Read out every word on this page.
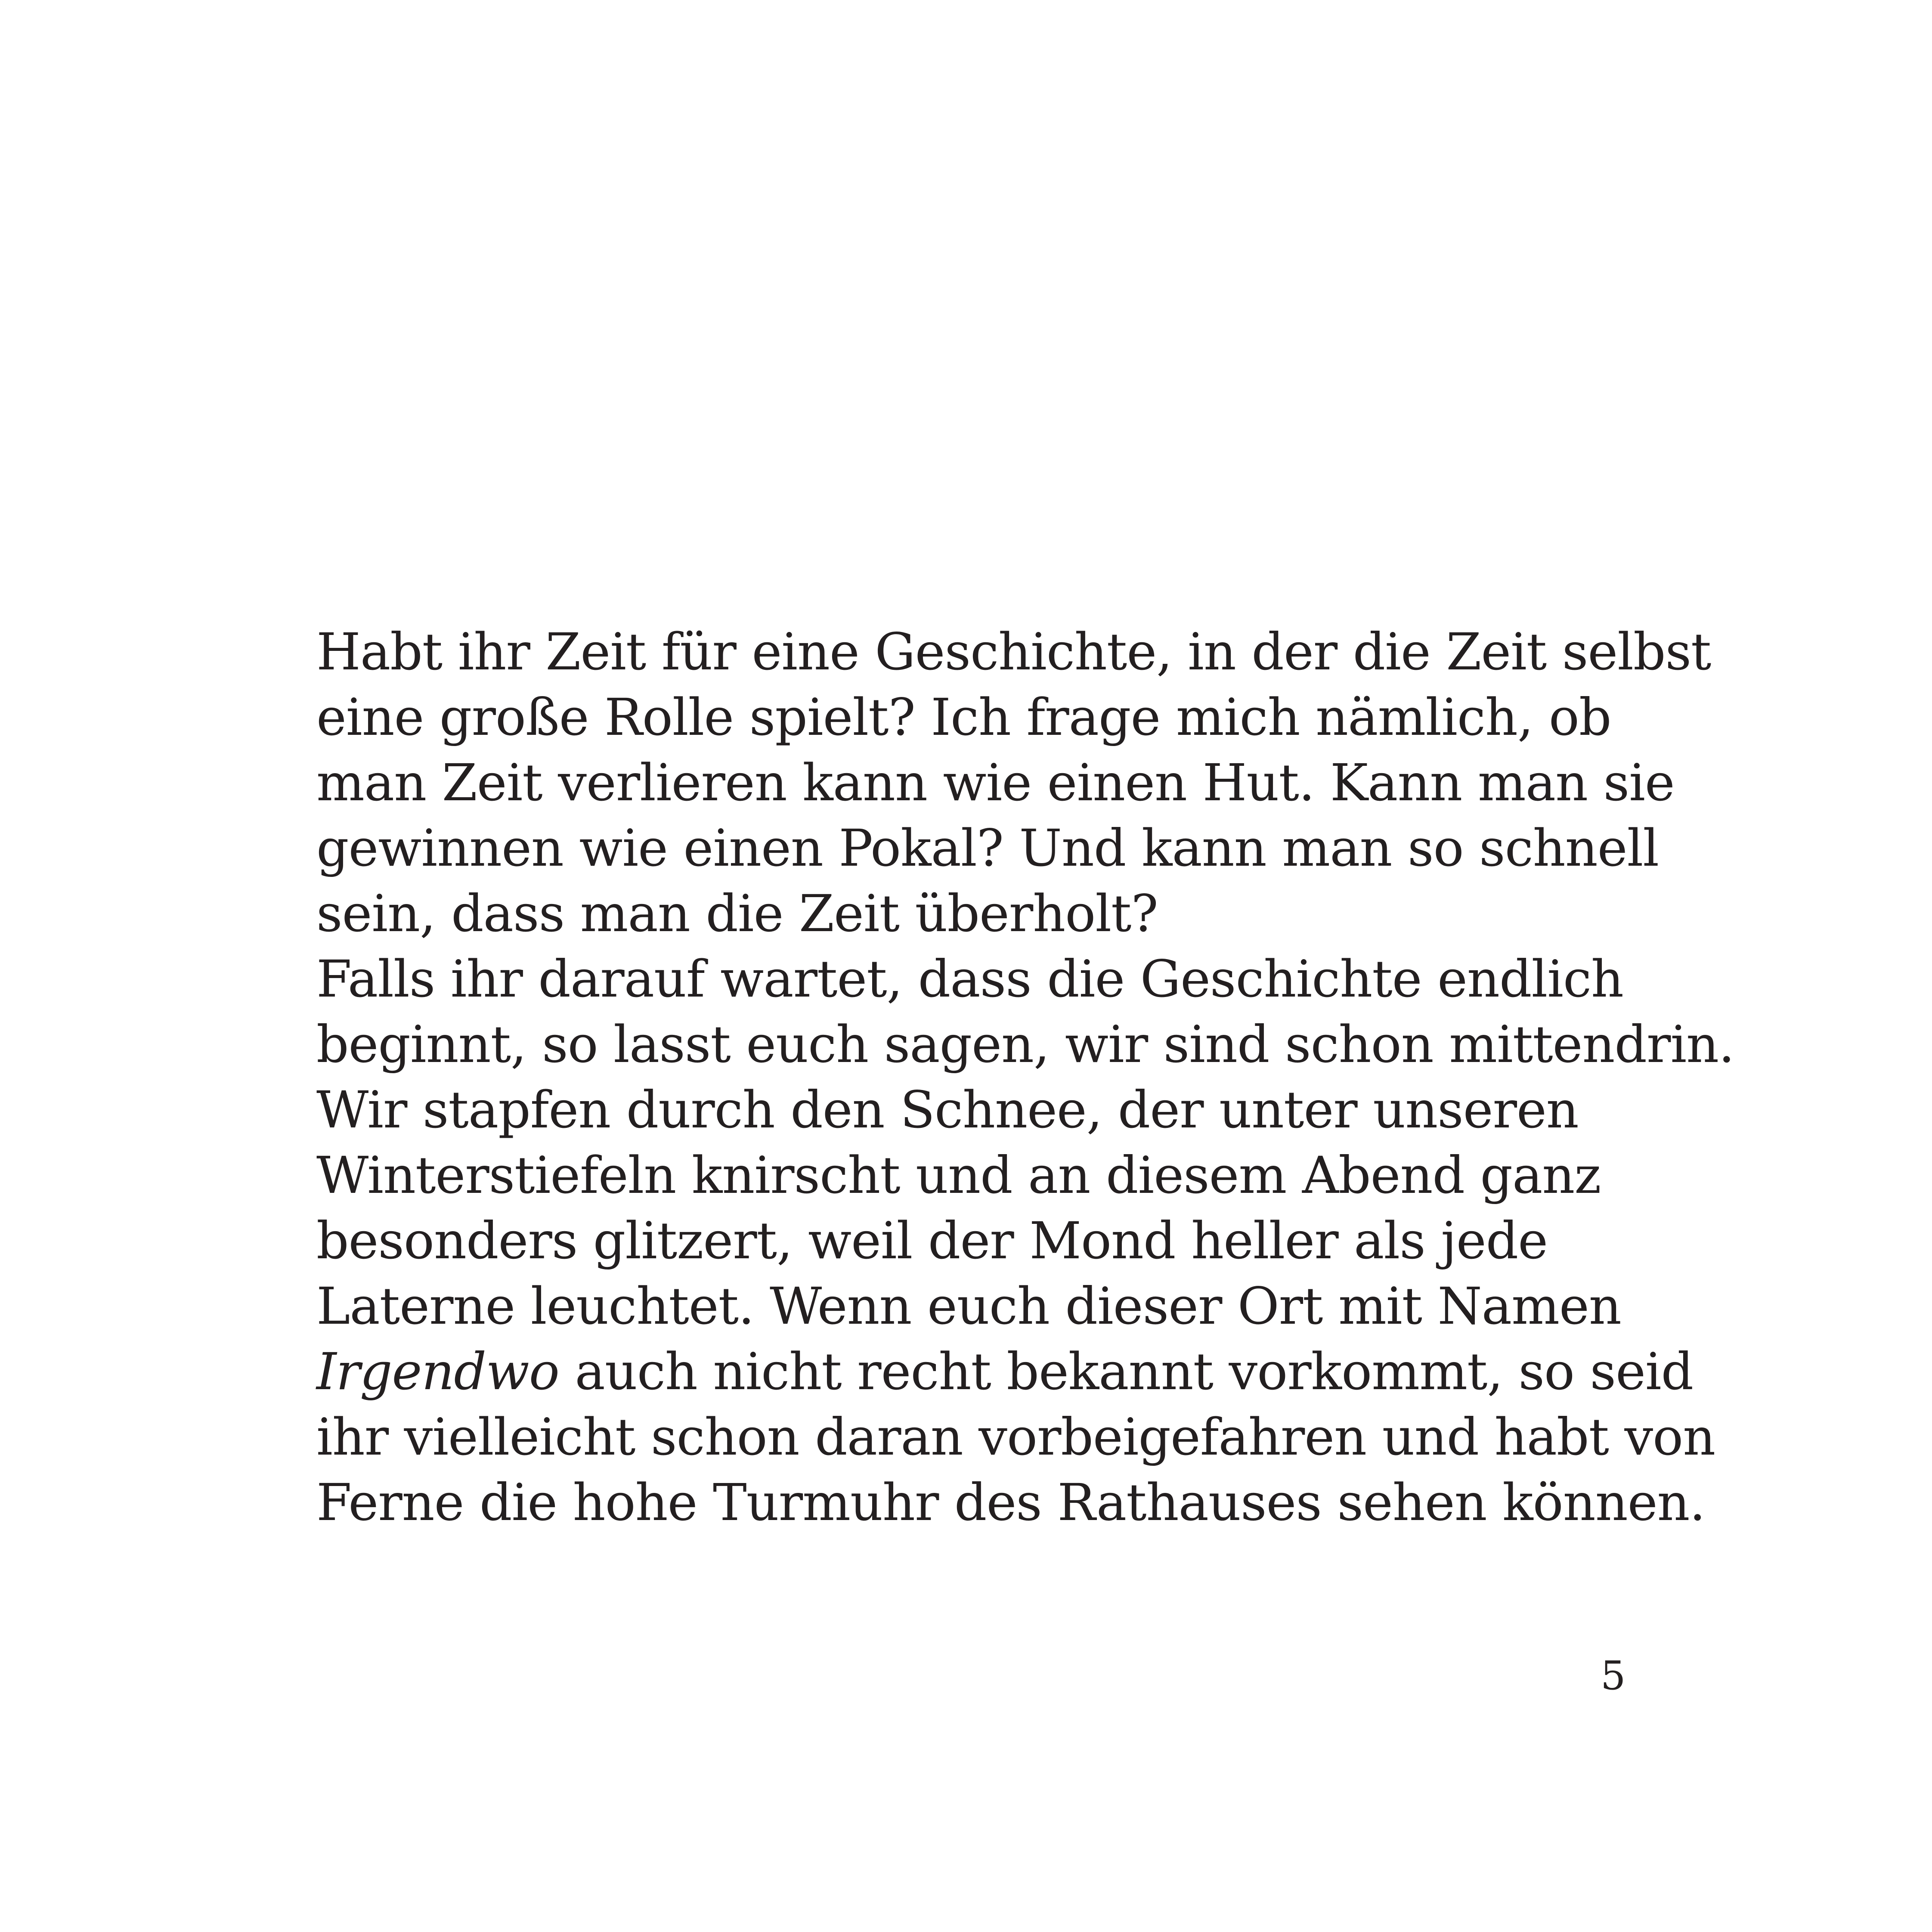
Habt ihr Zeit für eine Geschichte, in der die Zeit selbst
eine große Rolle spielt? Ich frage mich nämlich, ob
man Zeit verlieren kann wie einen Hut. Kann man sie
gewinnen wie einen Pokal? Und kann man so schnell
sein, dass man die Zeit überholt?
Falls ihr darauf wartet, dass die Geschichte endlich
beginnt, so lasst euch sagen, wir sind schon mittendrin.
Wir stapfen durch den Schnee, der unter unseren
Winterstiefeln knirscht und an diesem Abend ganz
besonders glitzert, weil der Mond heller als jede
Laterne leuchtet. Wenn euch dieser Ort mit Namen
Irgendwo auch nicht recht bekannt vorkommt, so seid
ihr vielleicht schon daran vorbeigefahren und habt von
Ferne die hohe Turmuhr des Rathauses sehen können.
5
